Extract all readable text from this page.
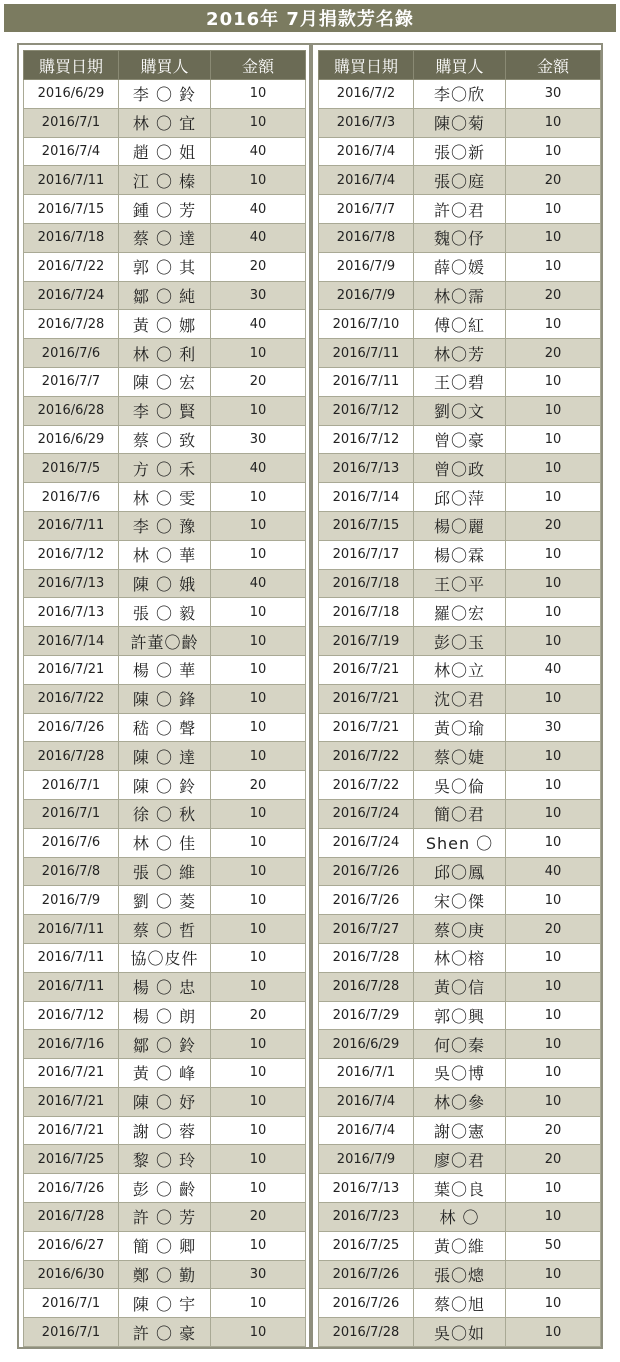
2016年 7月捐款芳名錄
購買日期	購買人	金額
2016/6/29	李 〇 鈴	10
2016/7/1	林 〇 宜	10
2016/7/4	趙 〇 姐	40
2016/7/11	江 〇 榛	10
2016/7/15	鍾 〇 芳	40
2016/7/18	蔡 〇 達	40
2016/7/22	郭 〇 其	20
2016/7/24	鄒 〇 純	30
2016/7/28	黃 〇 娜	40
2016/7/6	林 〇 利	10
2016/7/7	陳 〇 宏	20
2016/6/28	李 〇 賢	10
2016/6/29	蔡 〇 致	30
2016/7/5	方 〇 禾	40
2016/7/6	林 〇 雯	10
2016/7/11	李 〇 豫	10
2016/7/12	林 〇 華	10
2016/7/13	陳 〇 娥	40
2016/7/13	張 〇 毅	10
2016/7/14	許董〇齡	10
2016/7/21	楊 〇 華	10
2016/7/22	陳 〇 鋒	10
2016/7/26	嵇 〇 聲	10
2016/7/28	陳 〇 達	10
2016/7/1	陳 〇 鈴	20
2016/7/1	徐 〇 秋	10
2016/7/6	林 〇 佳	10
2016/7/8	張 〇 維	10
2016/7/9	劉 〇 菱	10
2016/7/11	蔡 〇 哲	10
2016/7/11	協〇皮件	10
2016/7/11	楊 〇 忠	10
2016/7/12	楊 〇 朗	20
2016/7/16	鄒 〇 鈴	10
2016/7/21	黃 〇 峰	10
2016/7/21	陳 〇 妤	10
2016/7/21	謝 〇 蓉	10
2016/7/25	黎 〇 玲	10
2016/7/26	彭 〇 齡	10
2016/7/28	許 〇 芳	20
2016/6/27	簡 〇 卿	10
2016/6/30	鄭 〇 勤	30
2016/7/1	陳 〇 宇	10
2016/7/1	許 〇 豪	10
購買日期	購買人	金額
2016/7/2	李〇欣	30
2016/7/3	陳〇菊	10
2016/7/4	張〇新	10
2016/7/4	張〇庭	20
2016/7/7	許〇君	10
2016/7/8	魏〇伃	10
2016/7/9	薛〇媛	10
2016/7/9	林〇霈	20
2016/7/10	傅〇紅	10
2016/7/11	林〇芳	20
2016/7/11	王〇碧	10
2016/7/12	劉〇文	10
2016/7/12	曾〇豪	10
2016/7/13	曾〇政	10
2016/7/14	邱〇萍	10
2016/7/15	楊〇麗	20
2016/7/17	楊〇霖	10
2016/7/18	王〇平	10
2016/7/18	羅〇宏	10
2016/7/19	彭〇玉	10
2016/7/21	林〇立	40
2016/7/21	沈〇君	10
2016/7/21	黃〇瑜	30
2016/7/22	蔡〇婕	10
2016/7/22	吳〇倫	10
2016/7/24	簡〇君	10
2016/7/24	Shen 〇	10
2016/7/26	邱〇鳳	40
2016/7/26	宋〇傑	10
2016/7/27	蔡〇庚	20
2016/7/28	林〇榕	10
2016/7/28	黃〇信	10
2016/7/29	郭〇興	10
2016/6/29	何〇秦	10
2016/7/1	吳〇博	10
2016/7/4	林〇參	10
2016/7/4	謝〇憲	20
2016/7/9	廖〇君	20
2016/7/13	葉〇良	10
2016/7/23	林 〇	10
2016/7/25	黃〇維	50
2016/7/26	張〇熜	10
2016/7/26	蔡〇旭	10
2016/7/28	吳〇如	10
